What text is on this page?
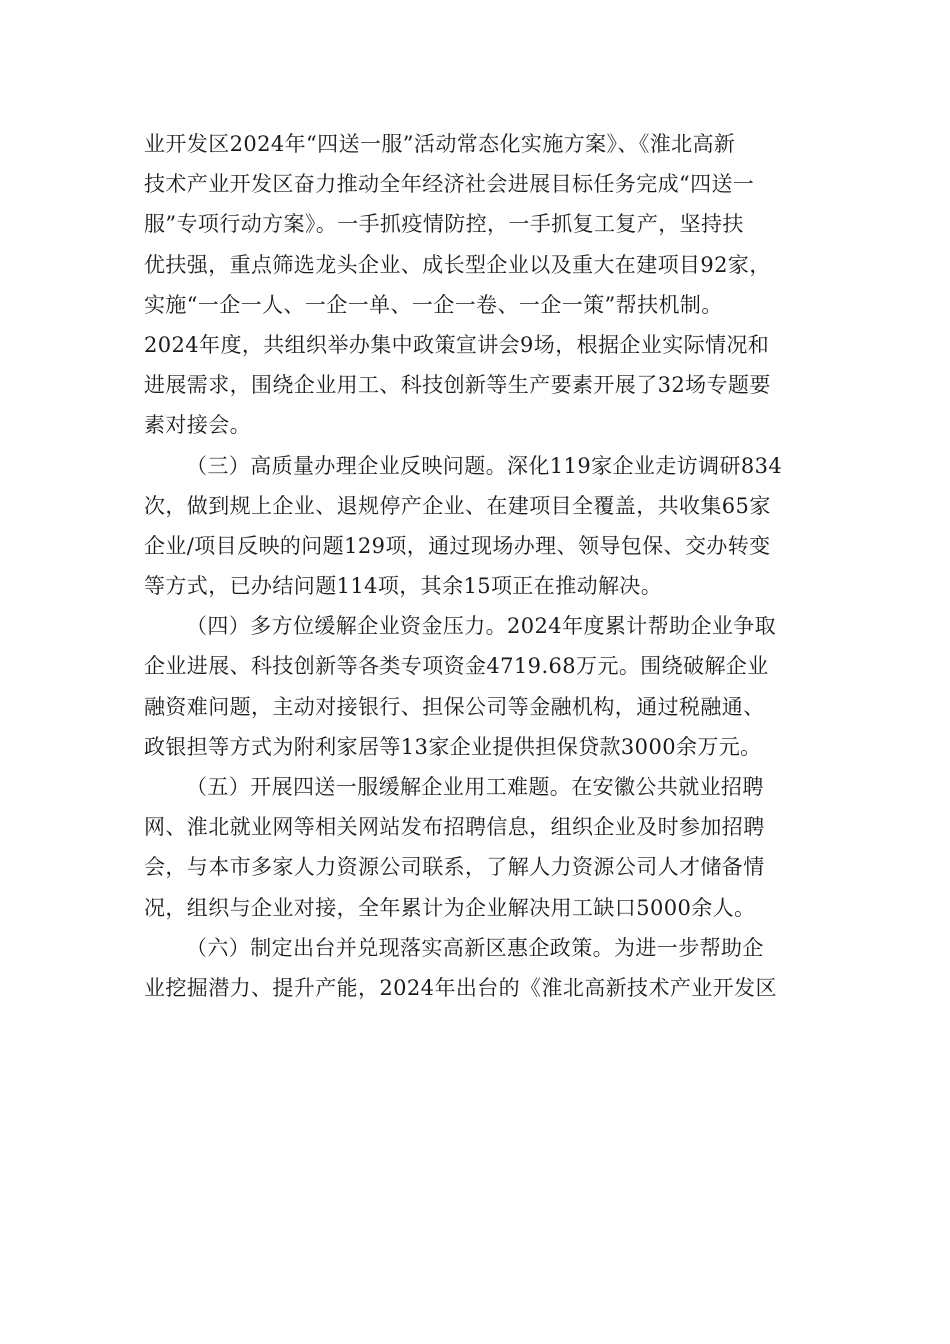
业开发区2024年“四送一服”活动常态化实施方案》、《淮北高新
技术产业开发区奋力推动全年经济社会进展目标任务完成“四送一
服”专项行动方案》。一手抓疫情防控，一手抓复工复产，坚持扶
优扶强，重点筛选龙头企业、成长型企业以及重大在建项目92家，
实施“一企一人、一企一单、一企一卷、一企一策”帮扶机制。
2024年度，共组织举办集中政策宣讲会9场，根据企业实际情况和
进展需求，围绕企业用工、科技创新等生产要素开展了32场专题要
素对接会。
（三）高质量办理企业反映问题。深化119家企业走访调研834
次，做到规上企业、退规停产企业、在建项目全覆盖，共收集65家
企业/项目反映的问题129项，通过现场办理、领导包保、交办转变
等方式，已办结问题114项，其余15项正在推动解决。
（四）多方位缓解企业资金压力。2024年度累计帮助企业争取
企业进展、科技创新等各类专项资金4719.68万元。围绕破解企业
融资难问题，主动对接银行、担保公司等金融机构，通过税融通、
政银担等方式为附利家居等13家企业提供担保贷款3000余万元。
（五）开展四送一服缓解企业用工难题。在安徽公共就业招聘
网、淮北就业网等相关网站发布招聘信息，组织企业及时参加招聘
会，与本市多家人力资源公司联系，了解人力资源公司人才储备情
况，组织与企业对接，全年累计为企业解决用工缺口5000余人。
（六）制定出台并兑现落实高新区惠企政策。为进一步帮助企
业挖掘潜力、提升产能，2024年出台的《淮北高新技术产业开发区
